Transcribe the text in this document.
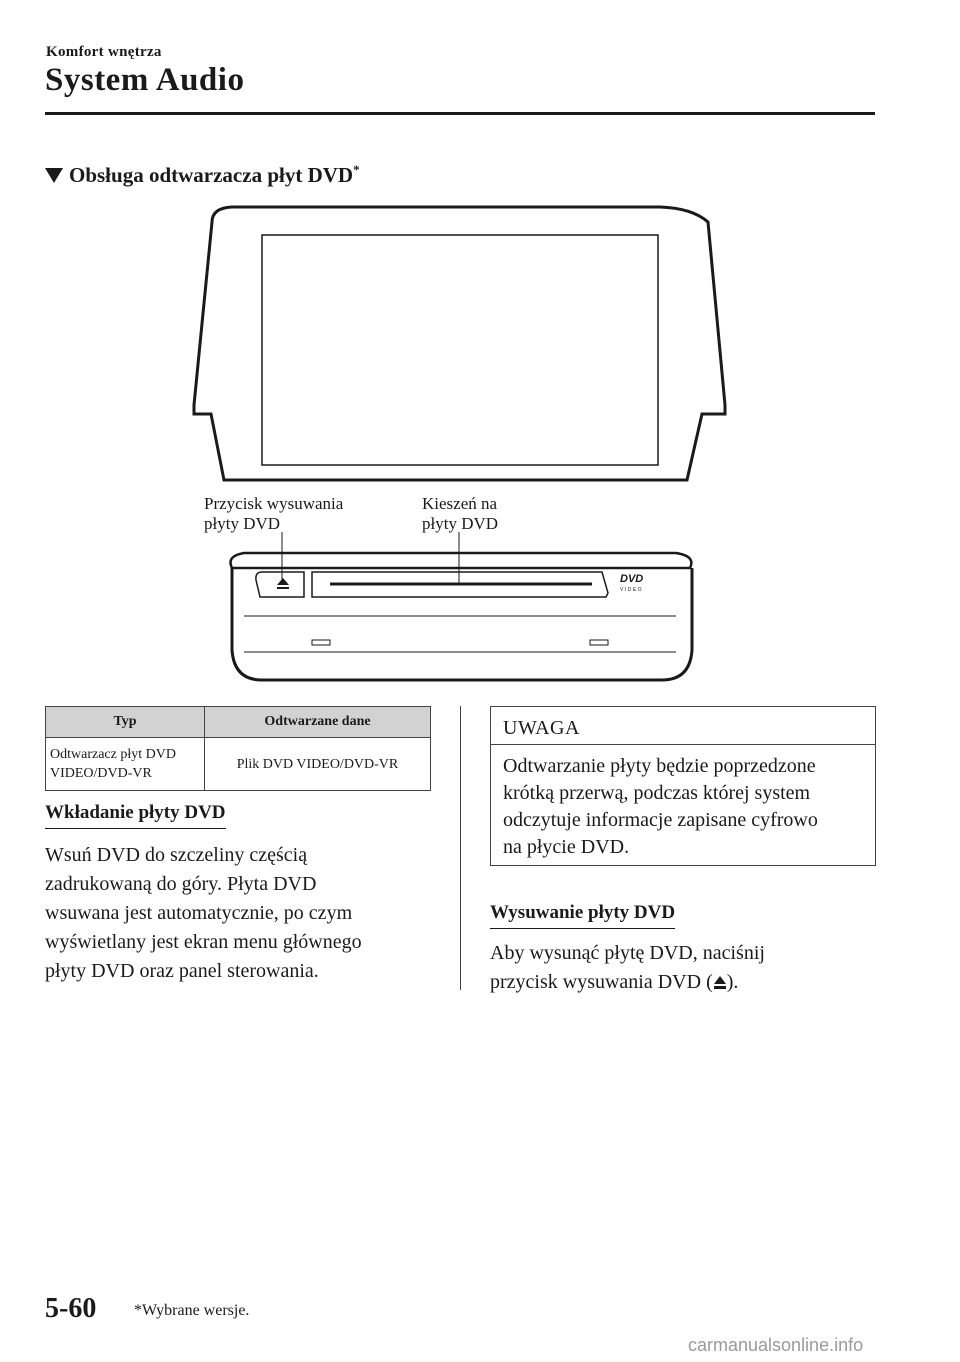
Komfort wnętrza
System Audio
Obsługa odtwarzacza płyt DVD*
DVD
VIDEO
Przycisk wysuwania
płyty DVD
Kieszeń na
płyty DVD
Typ	Odtwarzane dane

Odtwarzacz płyt DVD
VIDEO/DVD-VR	Plik DVD VIDEO/DVD-VR
Wkładanie płyty DVD
Wsuń DVD do szczeliny częścią
zadrukowaną do góry. Płyta DVD
wsuwana jest automatycznie, po czym
wyświetlany jest ekran menu głównego
płyty DVD oraz panel sterowania.
UWAGA
Odtwarzanie płyty będzie poprzedzone
krótką przerwą, podczas której system
odczytuje informacje zapisane cyfrowo
na płycie DVD.
Wysuwanie płyty DVD
Aby wysunąć płytę DVD, naciśnij
przycisk wysuwania DVD ( ).
5-60 *Wybrane wersje.
carmanualsonline.info
